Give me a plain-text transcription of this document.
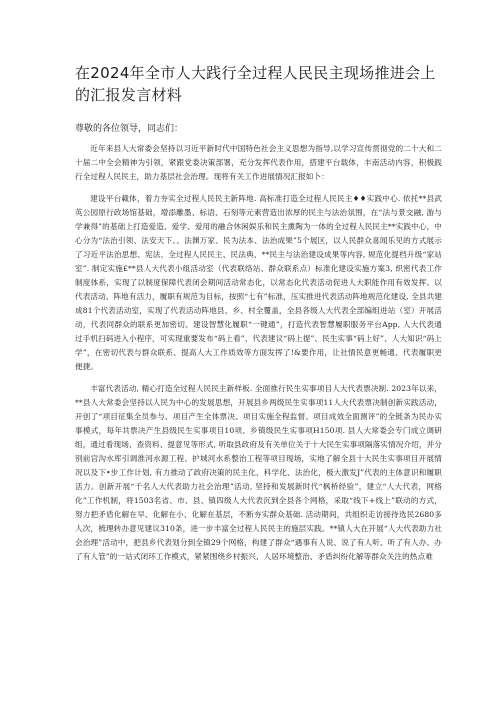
在2024年全市人大践行全过程人民民主现场推进会上的汇报发言材料

尊敬的各位领导，同志们：

近年来县人大常委会坚持以习近平新时代中国特色社会主义思想为指导,以学习宣传贯彻党的二十大和二十届二中全会精神为引领，紧跟党委决策部署，充分发挥代表作用，搭建平台载体，丰南活动内容，积极践行全过程人民民主，助力基层社会治理。现将有关工作进展情况汇报如卜：

建设平台載体，着力夯实全过程人民民主新阵地. 高标准打造全过程人民民主♦♦实践中心. 依托**县武英公园原行政场馆基础，增添雕墨、标语、石刻等元素营造出浓厚的民主与法治氛围，在“法与景交融, 游与学兼得”的基础上打造爱造、爱学、爱用的融合休闲娱乐和民主熏陶为一体的全过程人民民主**实践中心，中心分为“法治引领、法安天下、、法渊万家、民为法本、法治成果”5个展区，以人民群众喜闻乐见的方式展示了习近平法治思想、宪法、全过程人民民主、民法典、**民主与法治建设成果等内容, 规范化提档升级“家站室”. 制定实施£**县人大代表小组活动室（代表联络站、群众联系点）标准化建设实施方案3, 织密代表工作制度体系，实现了以制度保障代表闭会期间活动常态化，以常态化代表活动促进人大职能作用有效发挥。以代表活动、阵地有活力，履职有规范为目标，按照“七有”标准，压实推进代表活动阵地规范化建设, 全县共建成81个代表活动室，实现了代表活动阵地县、乡、村全覆盖，全县各级人大代表全部编组进站（室）开展活动，代表同群众的联系更加密切。建设智慧化履职“一键通”，打造代表智慧履职服务平台App, 人大代表通过手机扫码进入小程序，可实现重要发布“码上看”、代表建议“码上提”、民生实事“码上好”、人大知识“码上学”，在密切代表与群众联系、提高人大工作质效等方面发挥了!&要作用，让社情民意更畅通、代表履职更便捷。

丰富代表活动, 精心打造全过程人民民主新样板. 全面推行民生实事项目人大代表票决制. 2023年以来，**县人大常委会坚持以人民为中心的发展思想，开展县乡两级民生实事项11人大代表票决制创新实践活动，开创了“项目征集全员参与、项目产生全体票决、项目实施全程监督、项目成效全面测评”的全链条为民办实事模式，每年共票决产生县级民生实事项目10项、乡镇级民生实事项H150项. 县人大常委会专门成立调研组，通过看现场、查资料、提意见等形式, 听取县政府及有关单位关于十大民生实事项隔落实情况介绍，并分别前宫沟水库引调淮河水源工程、护城河水系整治工程等项目现场，实地了解全县十大民生实事项目开展情况以及下•步工作计划, 有力推动了政府决策的民主化、科学化、法治化，极大激发J”代表的主体意识和履职活力。创新开展“千名人大代表助力社会治理”活动, 坚持和发展新时代“枫桥经验”，建立“人大代表，网格化”工作机制，将1503名省、市、县、镇四级人大代表沉到全县各个网格，采取“线下+线上”联动的方式，努力把矛盾化解在早、化解在小、化解在基层，不断夯实群众基础. 活动期间，共组织走访接待选民2680多人次，梳理转办意见建议310条，进一步丰富全过程人民民主的施层实践。**镇人大在开展“人大代表助力社会治理”活动中，把县乡代表划分到全镇29个网格，构建了群众“遇事有人说、说了有人听、听了有人办、办了有人管”的一站式闭环工作模式，紧紧围绕乡村振兴、人居环境整治、矛盾纠纷化解等群众关注的热点难
